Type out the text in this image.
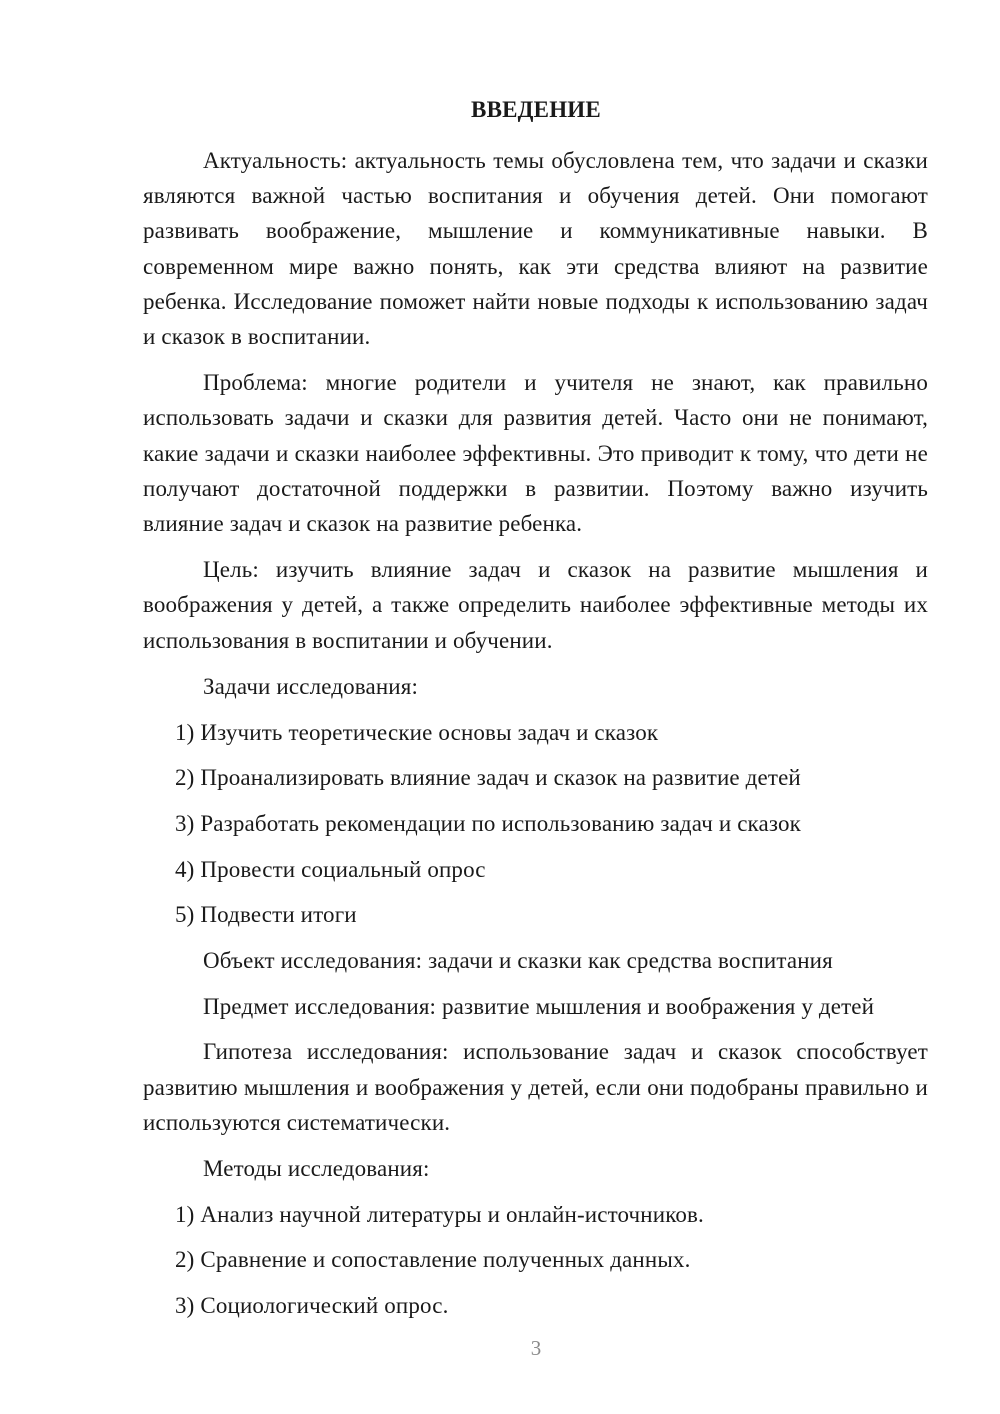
ВВЕДЕНИЕ

Актуальность: актуальность темы обусловлена тем, что задачи и сказки являются важной частью воспитания и обучения детей. Они помогают развивать воображение, мышление и коммуникативные навыки. В современном мире важно понять, как эти средства влияют на развитие ребенка. Исследование поможет найти новые подходы к использованию задач и сказок в воспитании.

Проблема: многие родители и учителя не знают, как правильно использовать задачи и сказки для развития детей. Часто они не понимают, какие задачи и сказки наиболее эффективны. Это приводит к тому, что дети не получают достаточной поддержки в развитии. Поэтому важно изучить влияние задач и сказок на развитие ребенка.

Цель: изучить влияние задач и сказок на развитие мышления и воображения у детей, а также определить наиболее эффективные методы их использования в воспитании и обучении.

Задачи исследования:
1) Изучить теоретические основы задач и сказок
2) Проанализировать влияние задач и сказок на развитие детей
3) Разработать рекомендации по использованию задач и сказок
4) Провести социальный опрос
5) Подвести итоги
Объект исследования: задачи и сказки как средства воспитания
Предмет исследования: развитие мышления и воображения у детей

Гипотеза исследования: использование задач и сказок способствует развитию мышления и воображения у детей, если они подобраны правильно и используются систематически.

Методы исследования:
1) Анализ научной литературы и онлайн-источников.
2) Сравнение и сопоставление полученных данных.
3) Социологический опрос.
3
